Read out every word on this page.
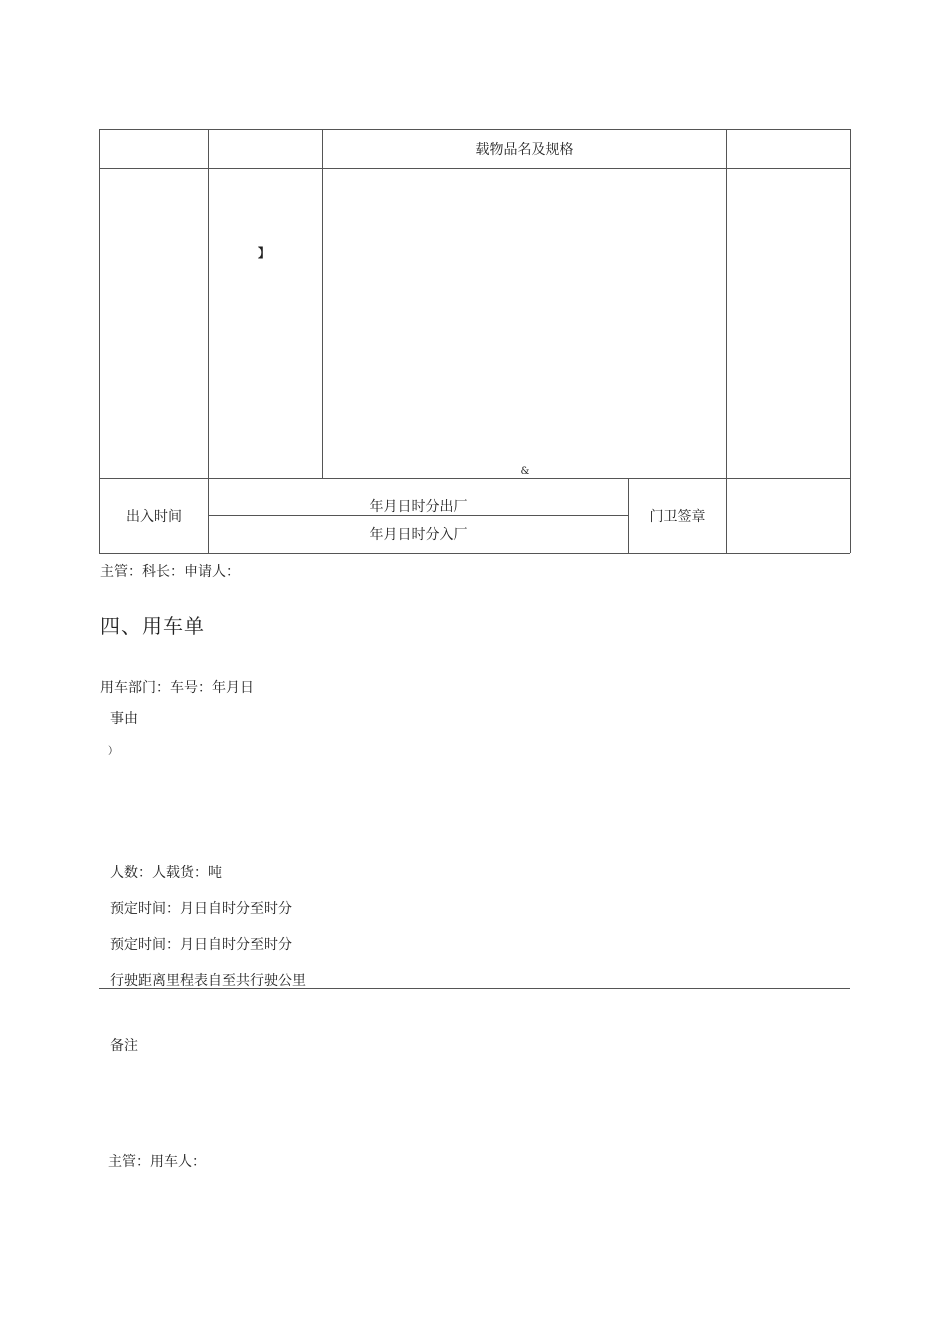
载物品名及规格
】
&
出入时间
年月日时分出厂
年月日时分入厂
门卫签章
主管：科长：申请人：
四、用车单
用车部门：车号：年月日
事由
）
人数：人载货：吨
预定时间：月日自时分至时分
预定时间：月日自时分至时分
行驶距离里程表自至共行驶公里
备注
主管：用车人：
